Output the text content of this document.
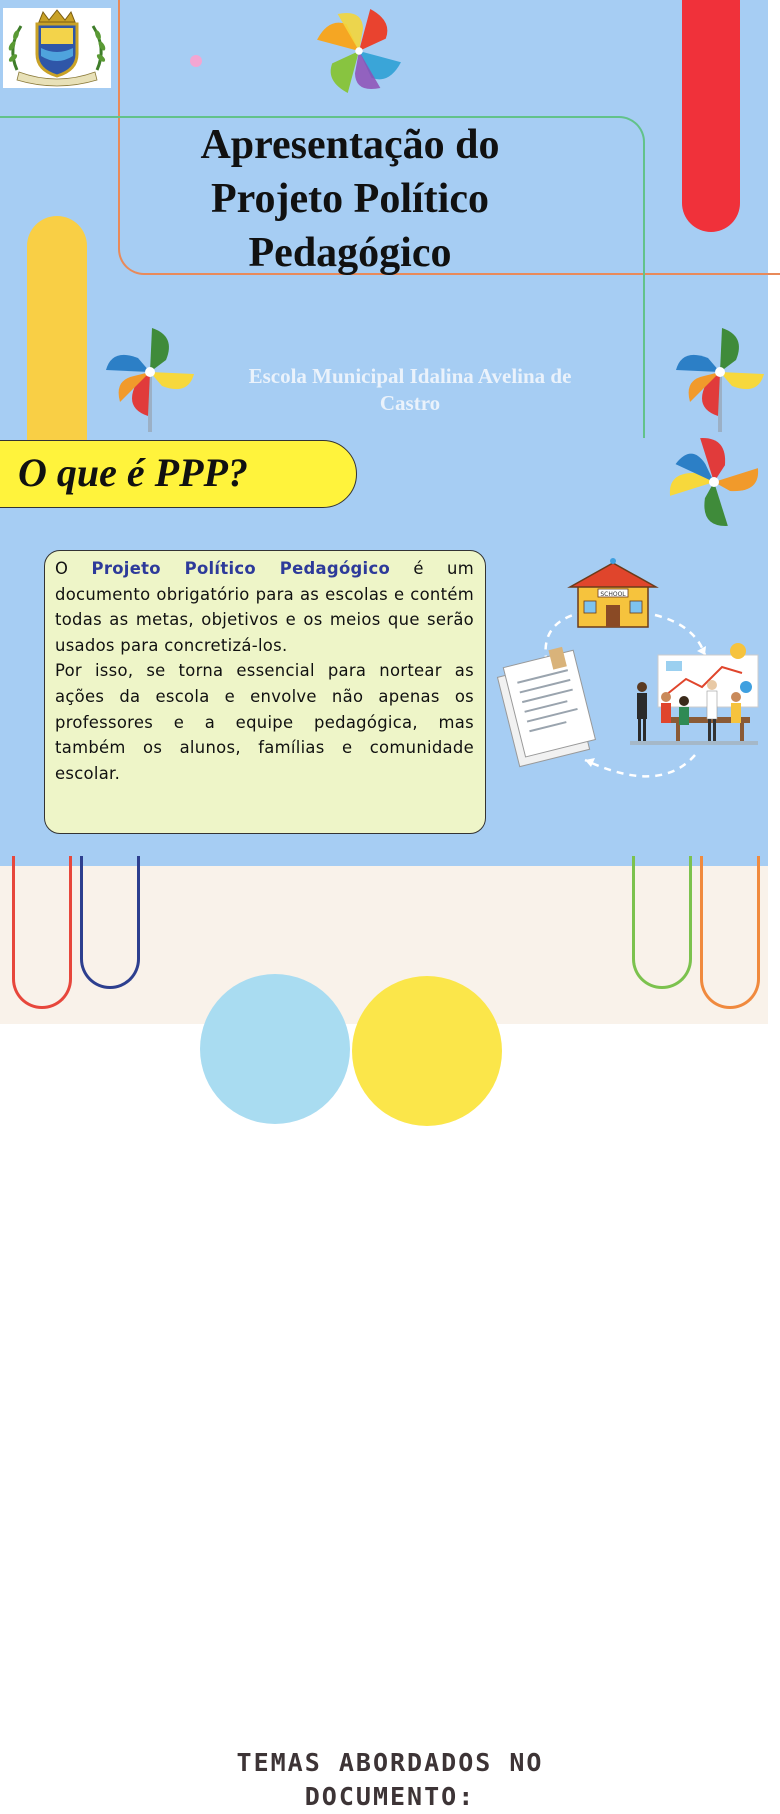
Apresentação do
Projeto Político
Pedagógico
Escola Municipal Idalina Avelina de
Castro
O que é PPP?

O Projeto Político Pedagógico é um documento obrigatório para as escolas e contém todas as metas, objetivos e os meios que serão usados para concretizá-los.

Por isso, se torna essencial para nortear as ações da escola e envolve não apenas os professores e a equipe pedagógica, mas também os alunos, famílias e comunidade escolar.

SCHOOL
TEMAS ABORDADOS NO
DOCUMENTO:
